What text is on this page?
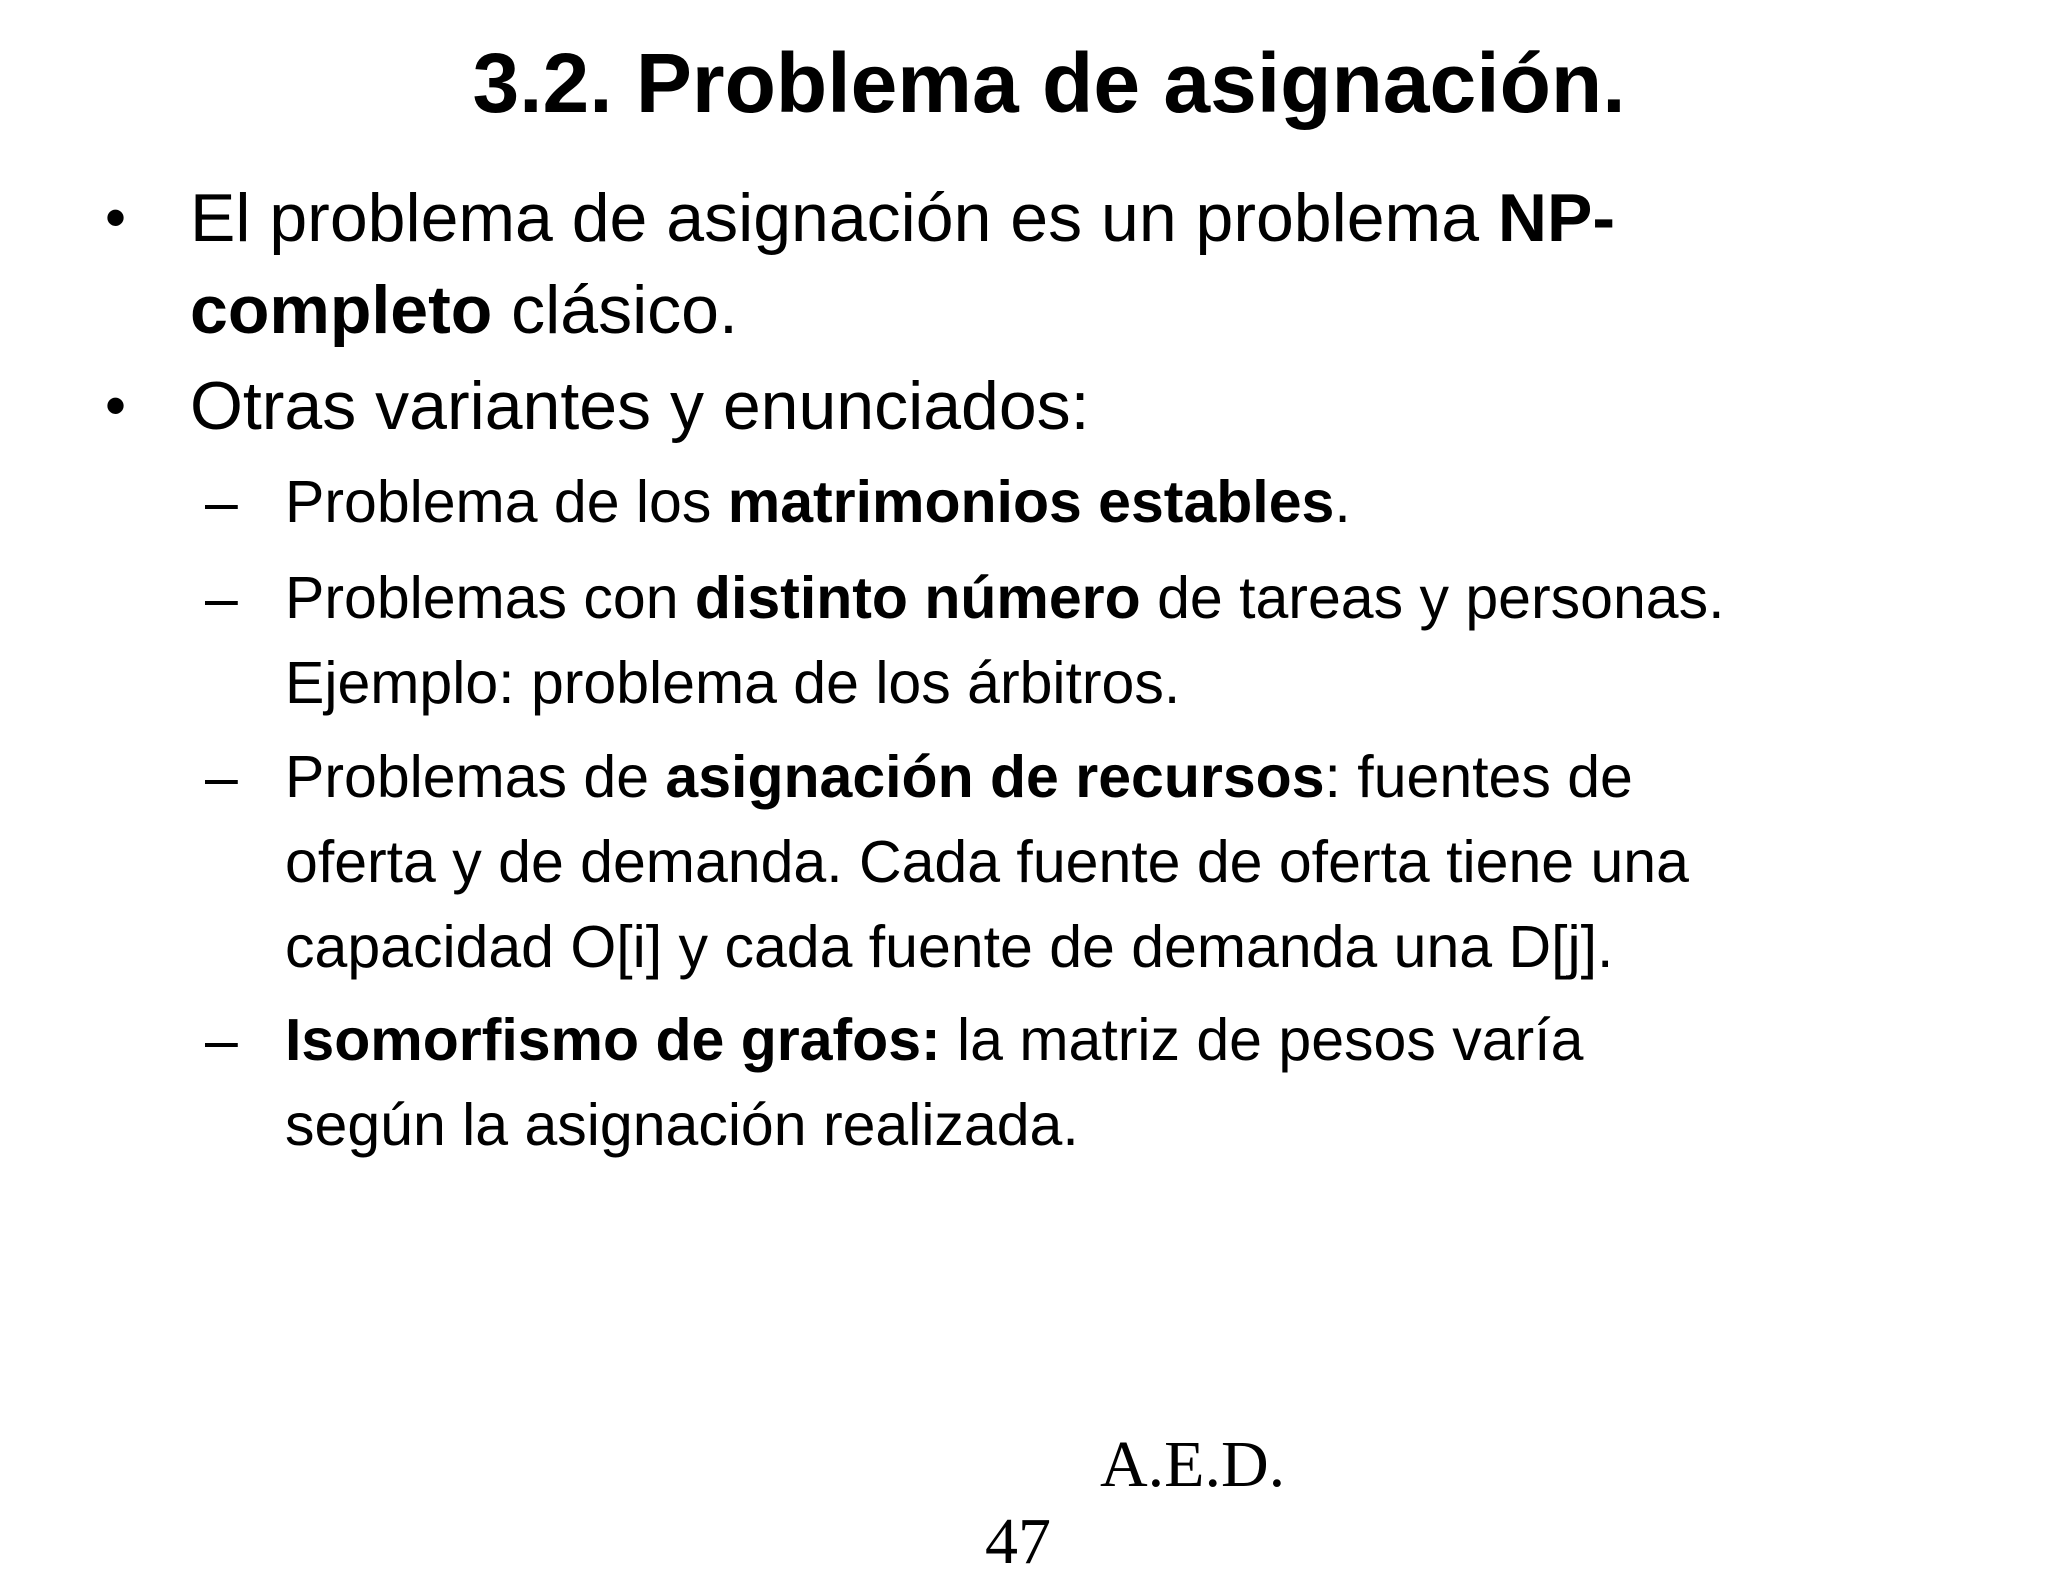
3.2. Problema de asignación.
• El problema de asignación es un problema NP-
completo clásico.
• Otras variantes y enunciados:
– Problema de los matrimonios estables.
– Problemas con distinto número de tareas y personas.
Ejemplo: problema de los árbitros.
– Problemas de asignación de recursos: fuentes de
oferta y de demanda. Cada fuente de oferta tiene una
capacidad O[i] y cada fuente de demanda una D[j].
– Isomorfismo de grafos: la matriz de pesos varía
según la asignación realizada.
A.E.D.
47
